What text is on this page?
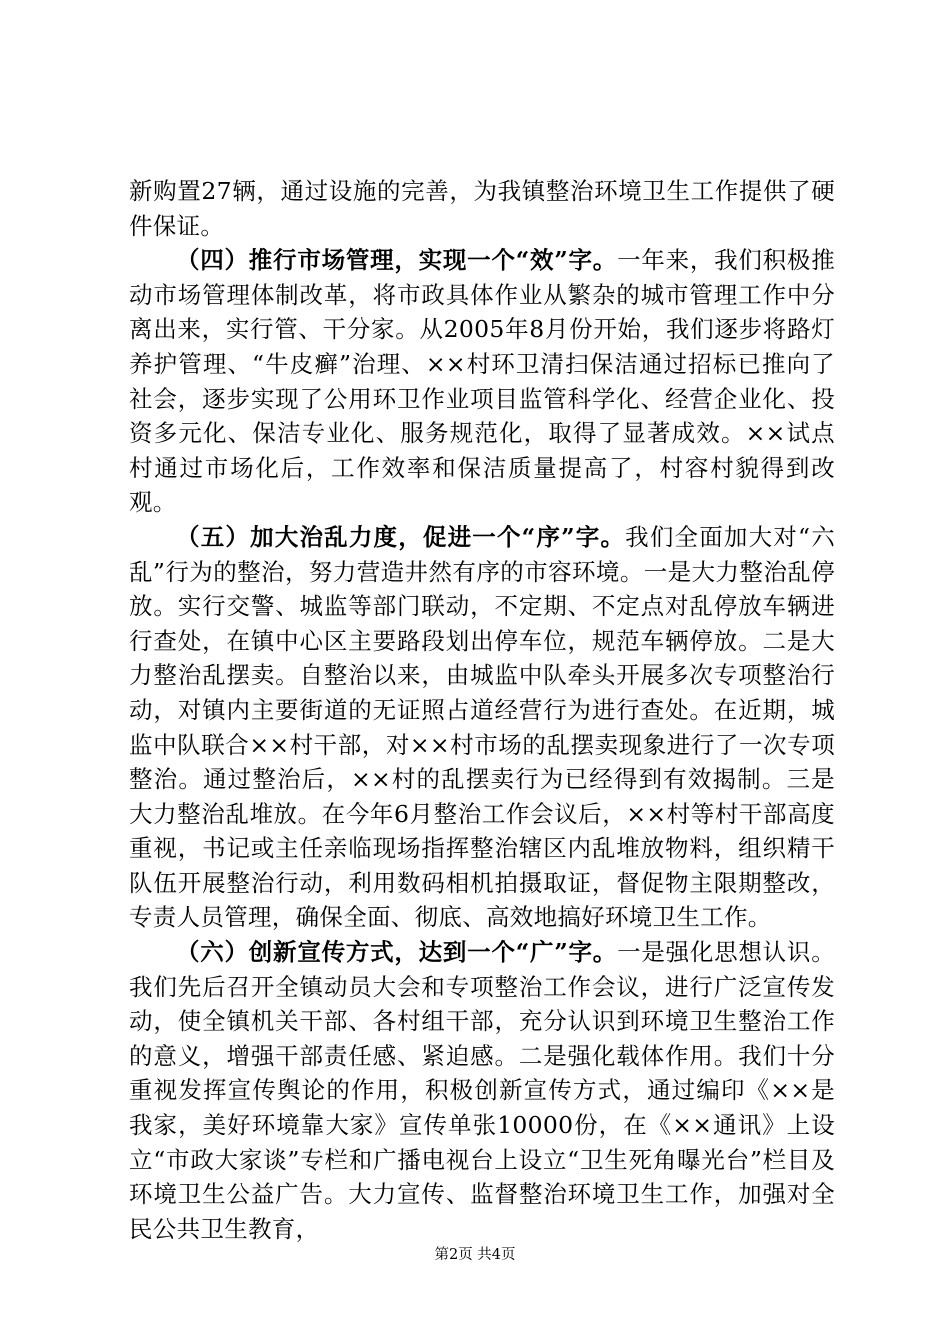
新购置27辆，通过设施的完善，为我镇整治环境卫生工作提供了硬件保证。

（四）推行市场管理，实现一个“效”字。一年来，我们积极推动市场管理体制改革，将市政具体作业从繁杂的城市管理工作中分离出来，实行管、干分家。从2005年8月份开始，我们逐步将路灯养护管理、“牛皮癣”治理、××村环卫清扫保洁通过招标已推向了社会，逐步实现了公用环卫作业项目监管科学化、经营企业化、投资多元化、保洁专业化、服务规范化，取得了显著成效。××试点村通过市场化后，工作效率和保洁质量提高了，村容村貌得到改观。

（五）加大治乱力度，促进一个“序”字。我们全面加大对“六乱”行为的整治，努力营造井然有序的市容环境。一是大力整治乱停放。实行交警、城监等部门联动，不定期、不定点对乱停放车辆进行查处，在镇中心区主要路段划出停车位，规范车辆停放。二是大力整治乱摆卖。自整治以来，由城监中队牵头开展多次专项整治行动，对镇内主要街道的无证照占道经营行为进行查处。在近期，城监中队联合××村干部，对××村市场的乱摆卖现象进行了一次专项整治。通过整治后，××村的乱摆卖行为已经得到有效揭制。三是大力整治乱堆放。在今年6月整治工作会议后，××村等村干部高度重视，书记或主任亲临现场指挥整治辖区内乱堆放物料，组织精干队伍开展整治行动，利用数码相机拍摄取证，督促物主限期整改，专责人员管理，确保全面、彻底、高效地搞好环境卫生工作。

（六）创新宣传方式，达到一个“广”字。一是强化思想认识。我们先后召开全镇动员大会和专项整治工作会议，进行广泛宣传发动，使全镇机关干部、各村组干部，充分认识到环境卫生整治工作的意义，增强干部责任感、紧迫感。二是强化载体作用。我们十分重视发挥宣传舆论的作用，积极创新宣传方式，通过编印《××是我家，美好环境靠大家》宣传单张10000份，在《××通讯》上设立“市政大家谈”专栏和广播电视台上设立“卫生死角曝光台”栏目及环境卫生公益广告。大力宣传、监督整治环境卫生工作，加强对全民公共卫生教育，

第2页 共4页
